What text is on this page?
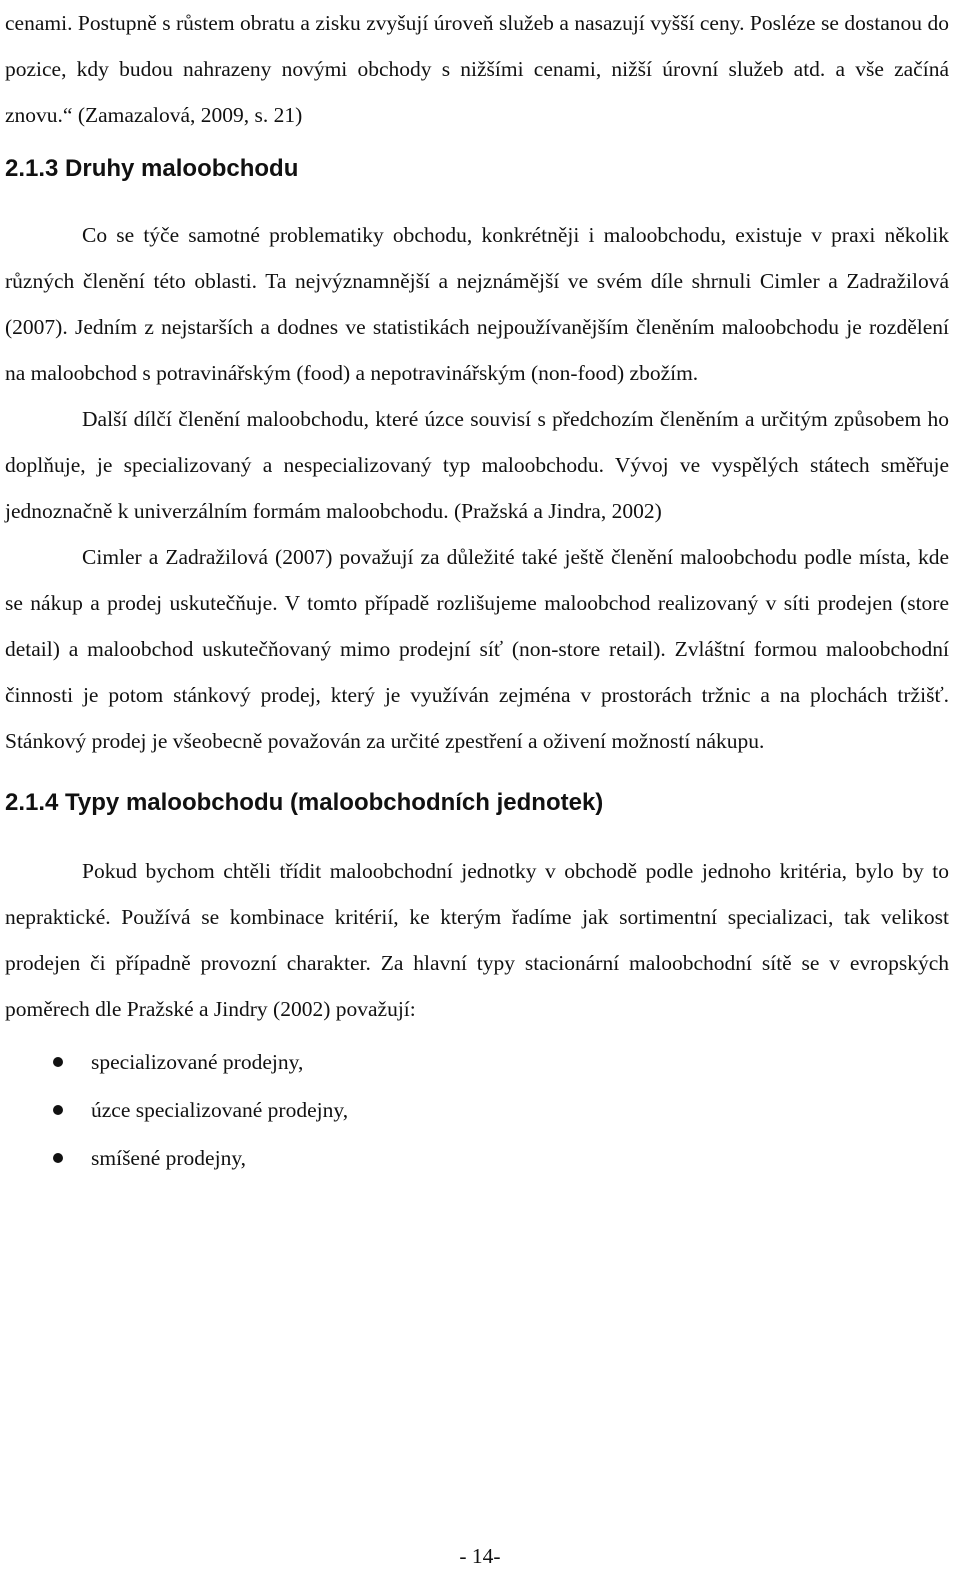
cenami. Postupně s růstem obratu a zisku zvyšují úroveň služeb a nasazují vyšší ceny. Posléze se dostanou do pozice, kdy budou nahrazeny novými obchody s nižšími cenami, nižší úrovní služeb atd. a vše začíná znovu.“ (Zamazalová, 2009, s. 21)

2.1.3 Druhy maloobchodu

Co se týče samotné problematiky obchodu, konkrétněji i maloobchodu, existuje v praxi několik různých členění této oblasti. Ta nejvýznamnější a nejznámější ve svém díle shrnuli Cimler a Zadražilová (2007). Jedním z nejstarších a dodnes ve statistikách nejpoužívanějším členěním maloobchodu je rozdělení na maloobchod s potravinářským (food) a nepotravinářským (non-food) zbožím.

Další dílčí členění maloobchodu, které úzce souvisí s předchozím členěním a určitým způsobem ho doplňuje, je specializovaný a nespecializovaný typ maloobchodu. Vývoj ve vyspělých státech směřuje jednoznačně k univerzálním formám maloobchodu. (Pražská a Jindra, 2002)

Cimler a Zadražilová (2007) považují za důležité také ještě členění maloobchodu podle místa, kde se nákup a prodej uskutečňuje. V tomto případě rozlišujeme maloobchod realizovaný v síti prodejen (store detail) a maloobchod uskutečňovaný mimo prodejní síť (non-store retail). Zvláštní formou maloobchodní činnosti je potom stánkový prodej, který je využíván zejména v prostorách tržnic a na plochách tržišť. Stánkový prodej je všeobecně považován za určité zpestření a oživení možností nákupu.

2.1.4 Typy maloobchodu (maloobchodních jednotek)

Pokud bychom chtěli třídit maloobchodní jednotky v obchodě podle jednoho kritéria, bylo by to nepraktické. Používá se kombinace kritérií, ke kterým řadíme jak sortimentní specializaci, tak velikost prodejen či případně provozní charakter. Za hlavní typy stacionární maloobchodní sítě se v evropských poměrech dle Pražské a Jindry (2002) považují:

specializované prodejny,
úzce specializované prodejny,
smíšené prodejny,
- 14-
